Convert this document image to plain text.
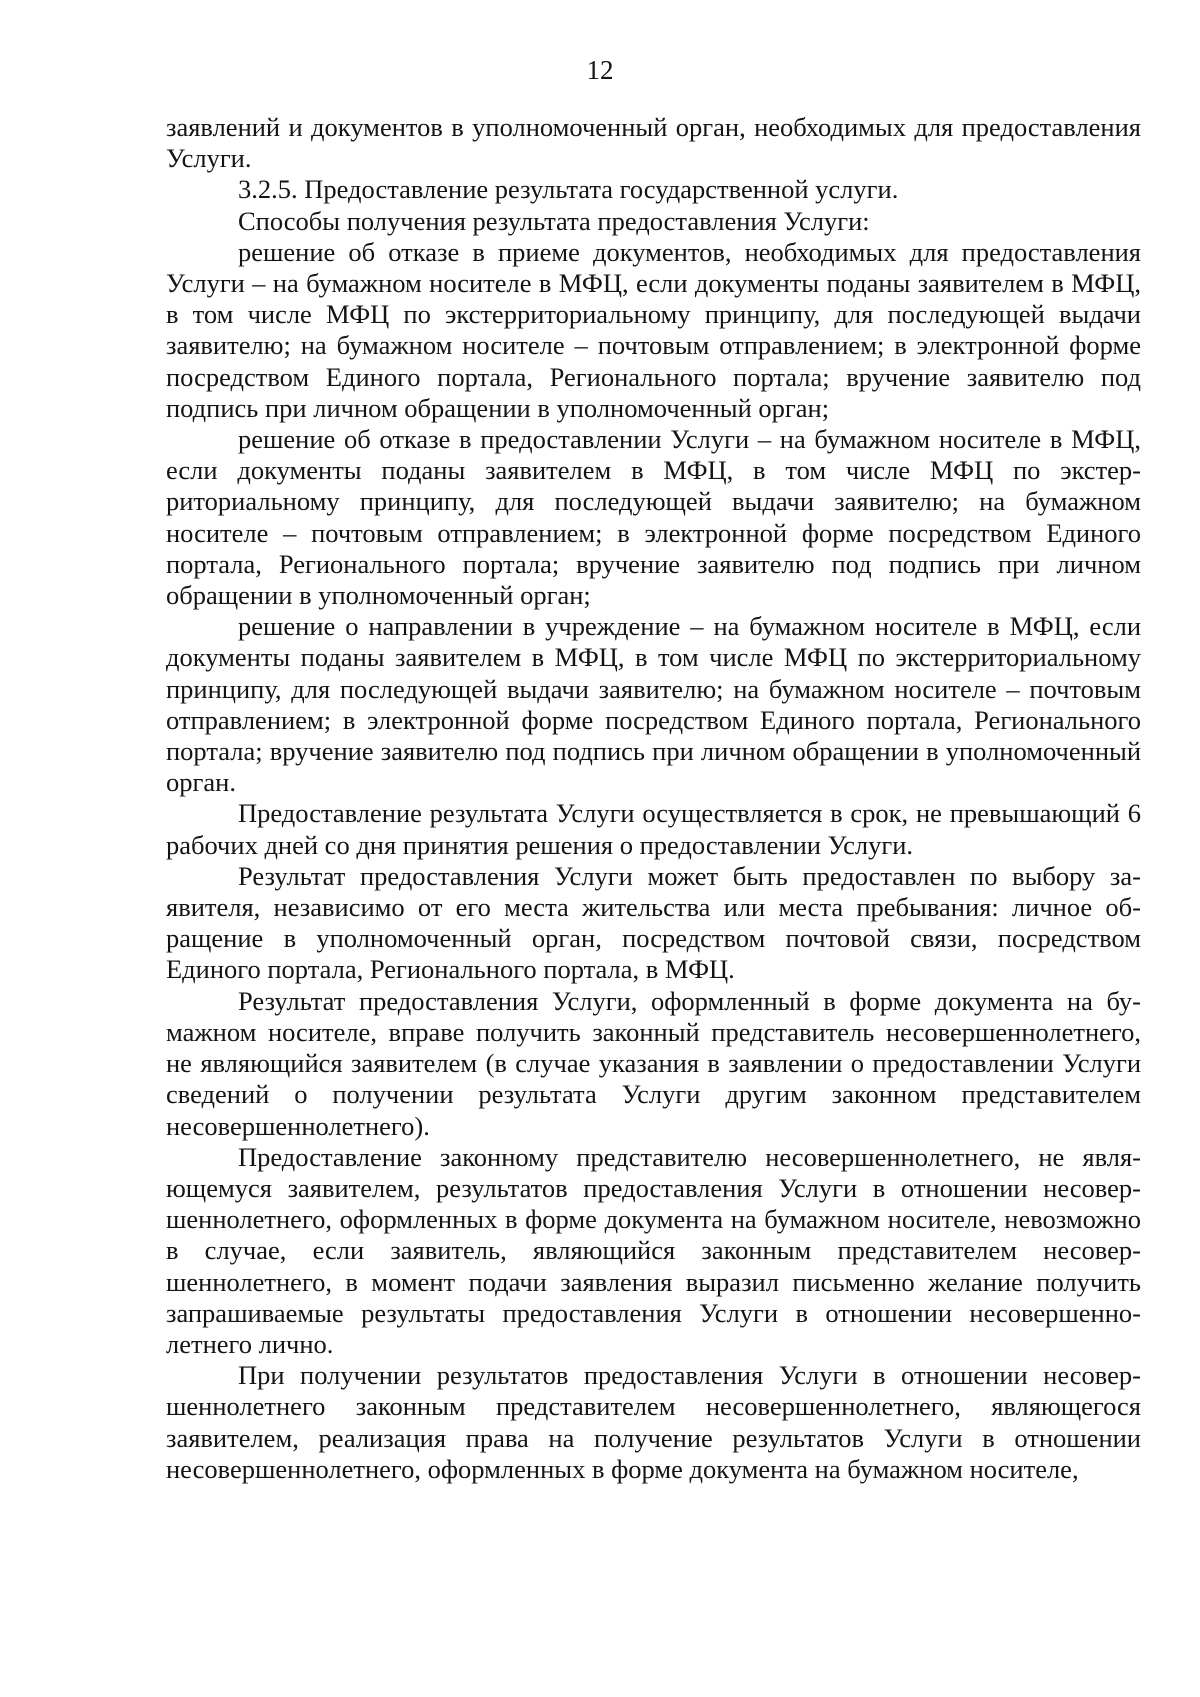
12

заявлений и документов в уполномоченный орган, необходимых для предоставления Услуги.

3.2.5. Предоставление результата государственной услуги.

Способы получения результата предоставления Услуги:

решение об отказе в приеме документов, необходимых для предоставления Услуги – на бумажном носителе в МФЦ, если документы поданы заявителем в МФЦ, в том числе МФЦ по экстерриториальному принципу, для последующей выдачи заявителю; на бумажном носителе – почтовым отправлением; в электронной форме посредством Единого портала, Регионального портала; вручение заявителю под подпись при личном обращении в уполномоченный орган;

решение об отказе в предоставлении Услуги – на бумажном носителе в МФЦ, если документы поданы заявителем в МФЦ, в том числе МФЦ по экстерриториальному принципу, для последующей выдачи заявителю; на бумажном носителе – почтовым отправлением; в электронной форме посредством Единого портала, Регионального портала; вручение заявителю под подпись при личном обращении в уполномоченный орган;

решение о направлении в учреждение – на бумажном носителе в МФЦ, если документы поданы заявителем в МФЦ, в том числе МФЦ по экстерриториальному принципу, для последующей выдачи заявителю; на бумажном носителе – почтовым отправлением; в электронной форме посредством Единого портала, Регионального портала; вручение заявителю под подпись при личном обращении в уполномоченный орган.

Предоставление результата Услуги осуществляется в срок, не превышающий 6 рабочих дней со дня принятия решения о предоставлении Услуги.

Результат предоставления Услуги может быть предоставлен по выбору заявителя, независимо от его места жительства или места пребывания: личное обращение в уполномоченный орган, посредством почтовой связи, посредством Единого портала, Регионального портала, в МФЦ.

Результат предоставления Услуги, оформленный в форме документа на бумажном носителе, вправе получить законный представитель несовершеннолетнего, не являющийся заявителем (в случае указания в заявлении о предоставлении Услуги сведений о получении результата Услуги другим законном представителем несовершеннолетнего).

Предоставление законному представителю несовершеннолетнего, не являющемуся заявителем, результатов предоставления Услуги в отношении несовершеннолетнего, оформленных в форме документа на бумажном носителе, невозможно в случае, если заявитель, являющийся законным представителем несовершеннолетнего, в момент подачи заявления выразил письменно желание получить запрашиваемые результаты предоставления Услуги в отношении несовершеннолетнего лично.

При получении результатов предоставления Услуги в отношении несовершеннолетнего законным представителем несовершеннолетнего, являющегося заявителем, реализация права на получение результатов Услуги в отношении несовершеннолетнего, оформленных в форме документа на бумажном носителе,
